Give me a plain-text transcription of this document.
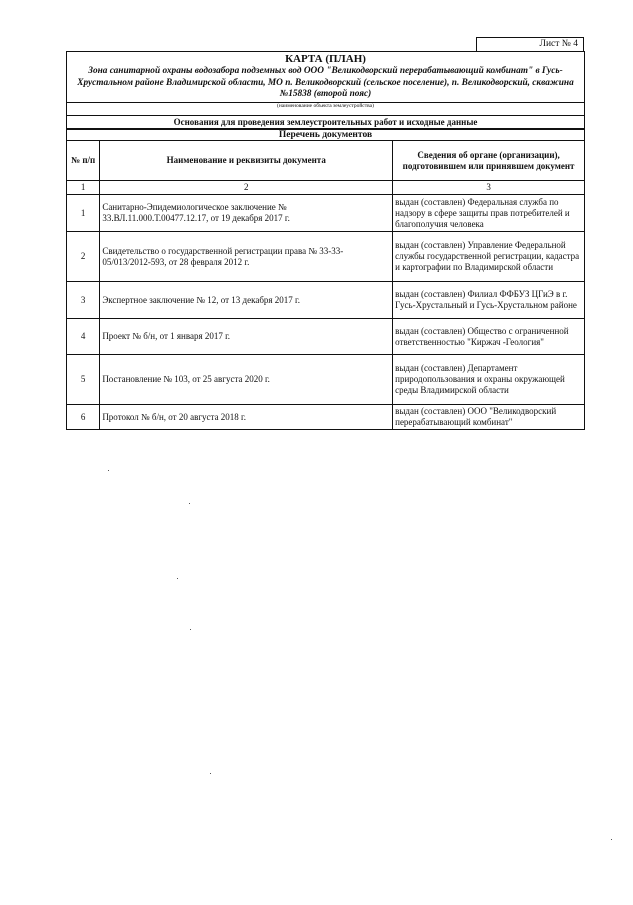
Лист № 4
КАРТА (ПЛАН)
Зона санитарной охраны водозабора подземных вод ООО "Великодворский перерабатывающий комбинат" в Гусь-Хрустальном районе Владимирской области, МО п. Великодворский (сельское поселение), п. Великодворский, скважина №15838 (второй пояс)
(наименование объекта землеустройства)
Основания для проведения землеустроительных работ и исходные данные
Перечень документов
№ п/п	Наименование и реквизиты документа	Сведения об органе (организации), подготовившем или принявшем документ
1	2	3
1	Санитарно-Эпидемиологическое заключение № 33.ВЛ.11.000.Т.00477.12.17, от 19 декабря 2017 г.	выдан (составлен) Федеральная служба по надзору в сфере защиты прав потребителей и благополучия человека
2	Свидетельство о государственной регистрации права № 33-33-05/013/2012-593, от 28 февраля 2012 г.	выдан (составлен) Управление Федеральной службы государственной регистрации, кадастра и картографии по Владимирской области
3	Экспертное заключение № 12, от 13 декабря 2017 г.	выдан (составлен) Филиал ФФБУЗ ЦГиЭ в г. Гусь-Хрустальный и Гусь-Хрустальном районе
4	Проект № б/н, от 1 января 2017 г.	выдан (составлен) Общество с ограниченной ответственностью "Киржач -Геология"
5	Постановление № 103, от 25 августа 2020 г.	выдан (составлен) Департамент природопользования и охраны окружающей среды Владимирской области
6	Протокол № б/н, от 20 августа 2018 г.	выдан (составлен) ООО "Великодворский перерабатывающий комбинат"
